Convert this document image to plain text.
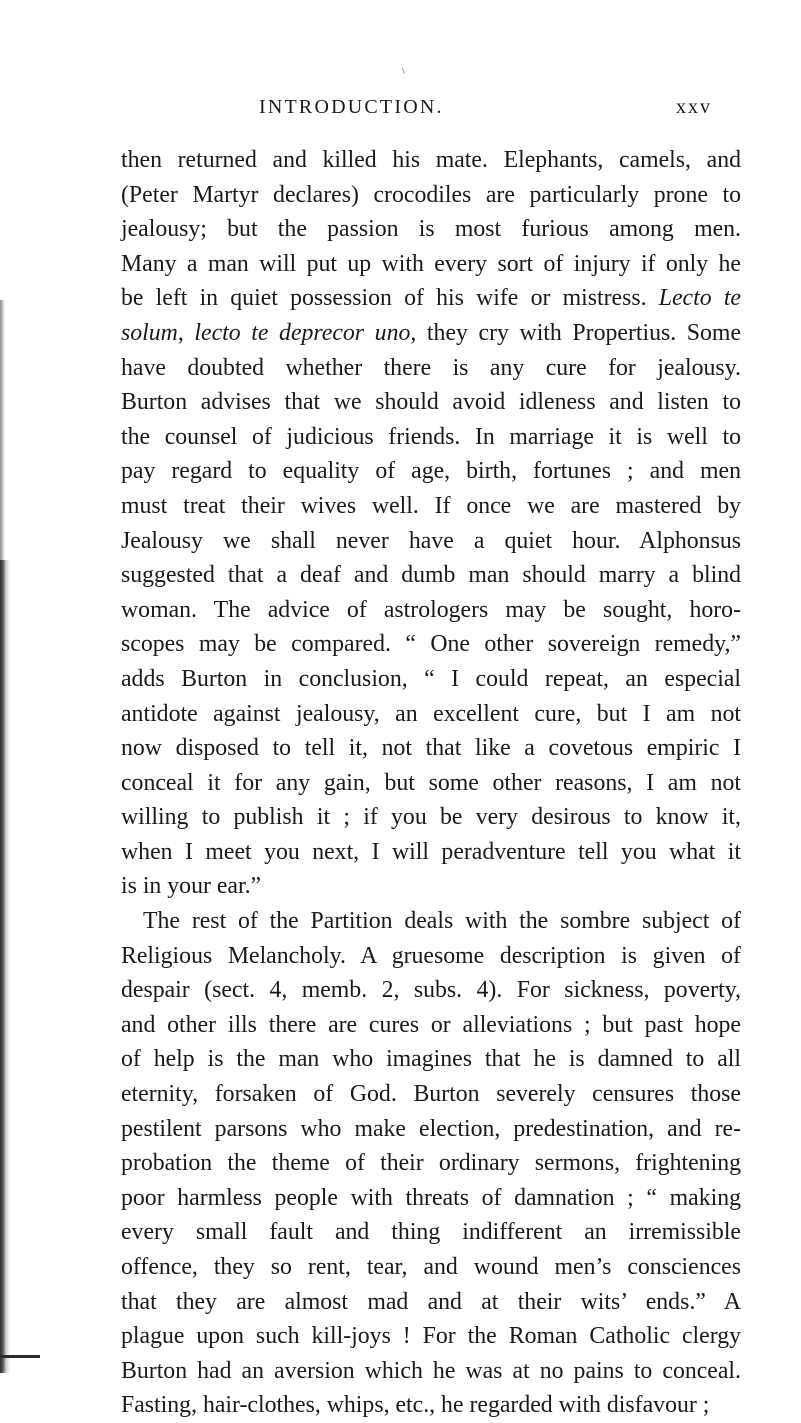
\
INTRODUCTION.	xxv
then returned and killed his mate. Elephants, camels, and
(Peter Martyr declares) crocodiles are particularly prone to
jealousy; but the passion is most furious among men.
Many a man will put up with every sort of injury if only he
be left in quiet possession of his wife or mistress. Lecto te
solum, lecto te deprecor uno, they cry with Propertius. Some
have doubted whether there is any cure for jealousy.
Burton advises that we should avoid idleness and listen to
the counsel of judicious friends. In marriage it is well to
pay regard to equality of age, birth, fortunes ; and men
must treat their wives well. If once we are mastered by
Jealousy we shall never have a quiet hour. Alphonsus
suggested that a deaf and dumb man should marry a blind
woman. The advice of astrologers may be sought, horo-
scopes may be compared. “ One other sovereign remedy,”
adds Burton in conclusion, “ I could repeat, an especial
antidote against jealousy, an excellent cure, but I am not
now disposed to tell it, not that like a covetous empiric I
conceal it for any gain, but some other reasons, I am not
willing to publish it ; if you be very desirous to know it,
when I meet you next, I will peradventure tell you what it
is in your ear.”
The rest of the Partition deals with the sombre subject of
Religious Melancholy. A gruesome description is given of
despair (sect. 4, memb. 2, subs. 4). For sickness, poverty,
and other ills there are cures or alleviations ; but past hope
of help is the man who imagines that he is damned to all
eternity, forsaken of God. Burton severely censures those
pestilent parsons who make election, predestination, and re-
probation the theme of their ordinary sermons, frightening
poor harmless people with threats of damnation ; “ making
every small fault and thing indifferent an irremissible
offence, they so rent, tear, and wound men’s consciences
that they are almost mad and at their wits’ ends.” A
plague upon such kill-joys ! For the Roman Catholic clergy
Burton had an aversion which he was at no pains to conceal.
Fasting, hair-clothes, whips, etc., he regarded with disfavour ;
